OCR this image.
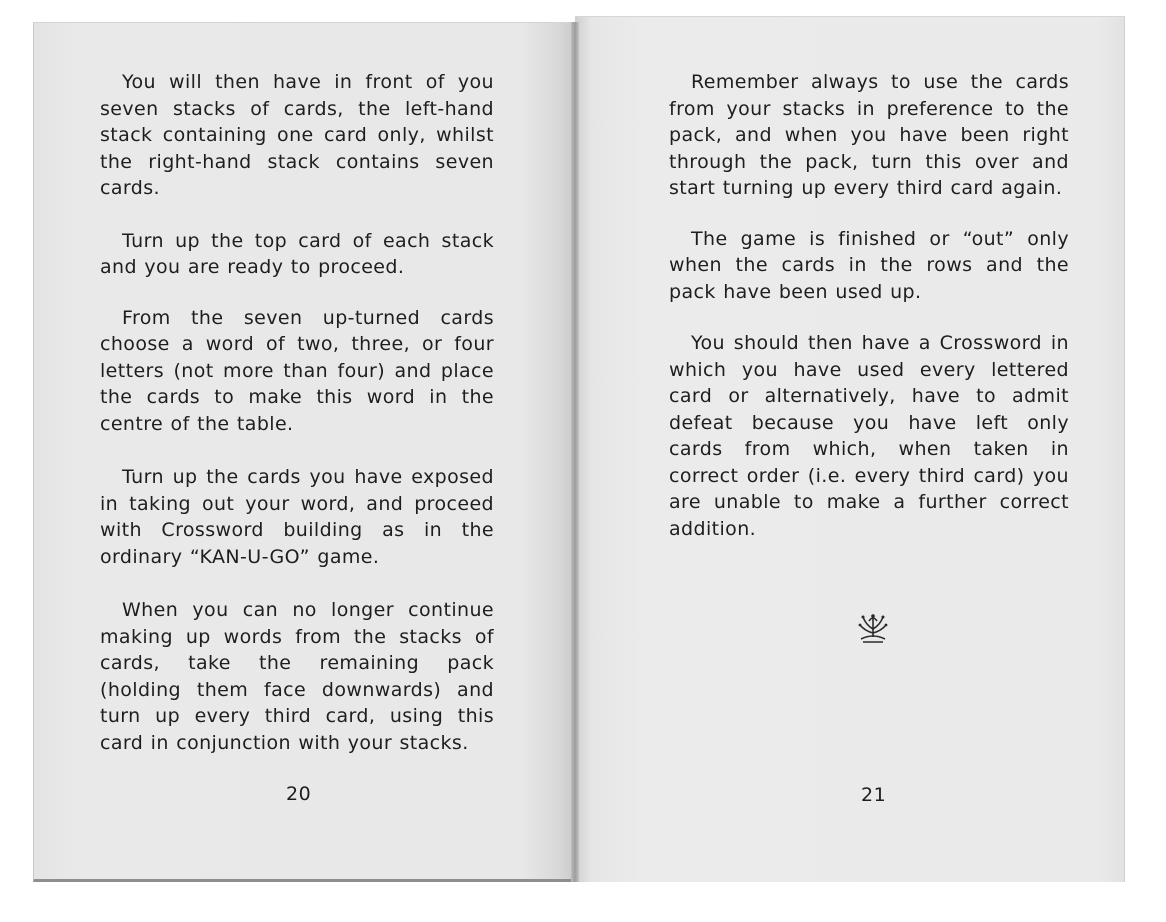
You will then have in front of you seven stacks of cards, the left-hand stack containing one card only, whilst the right-hand stack contains seven cards.

Turn up the top card of each stack and you are ready to proceed.

From the seven up-turned cards choose a word of two, three, or four letters (not more than four) and place the cards to make this word in the centre of the table.

Turn up the cards you have exposed in taking out your word, and proceed with Crossword building as in the ordinary “KAN-U-GO” game.

When you can no longer continue making up words from the stacks of cards, take the remaining pack (holding them face downwards) and turn up every third card, using this card in conjunction with your stacks.

20

Remember always to use the cards from your stacks in preference to the pack, and when you have been right through the pack, turn this over and start turning up every third card again.

The game is finished or “out” only when the cards in the rows and the pack have been used up.

You should then have a Crossword in which you have used every lettered card or alternatively, have to admit defeat because you have left only cards from which, when taken in correct order (i.e. every third card) you are unable to make a further correct addition.

21
